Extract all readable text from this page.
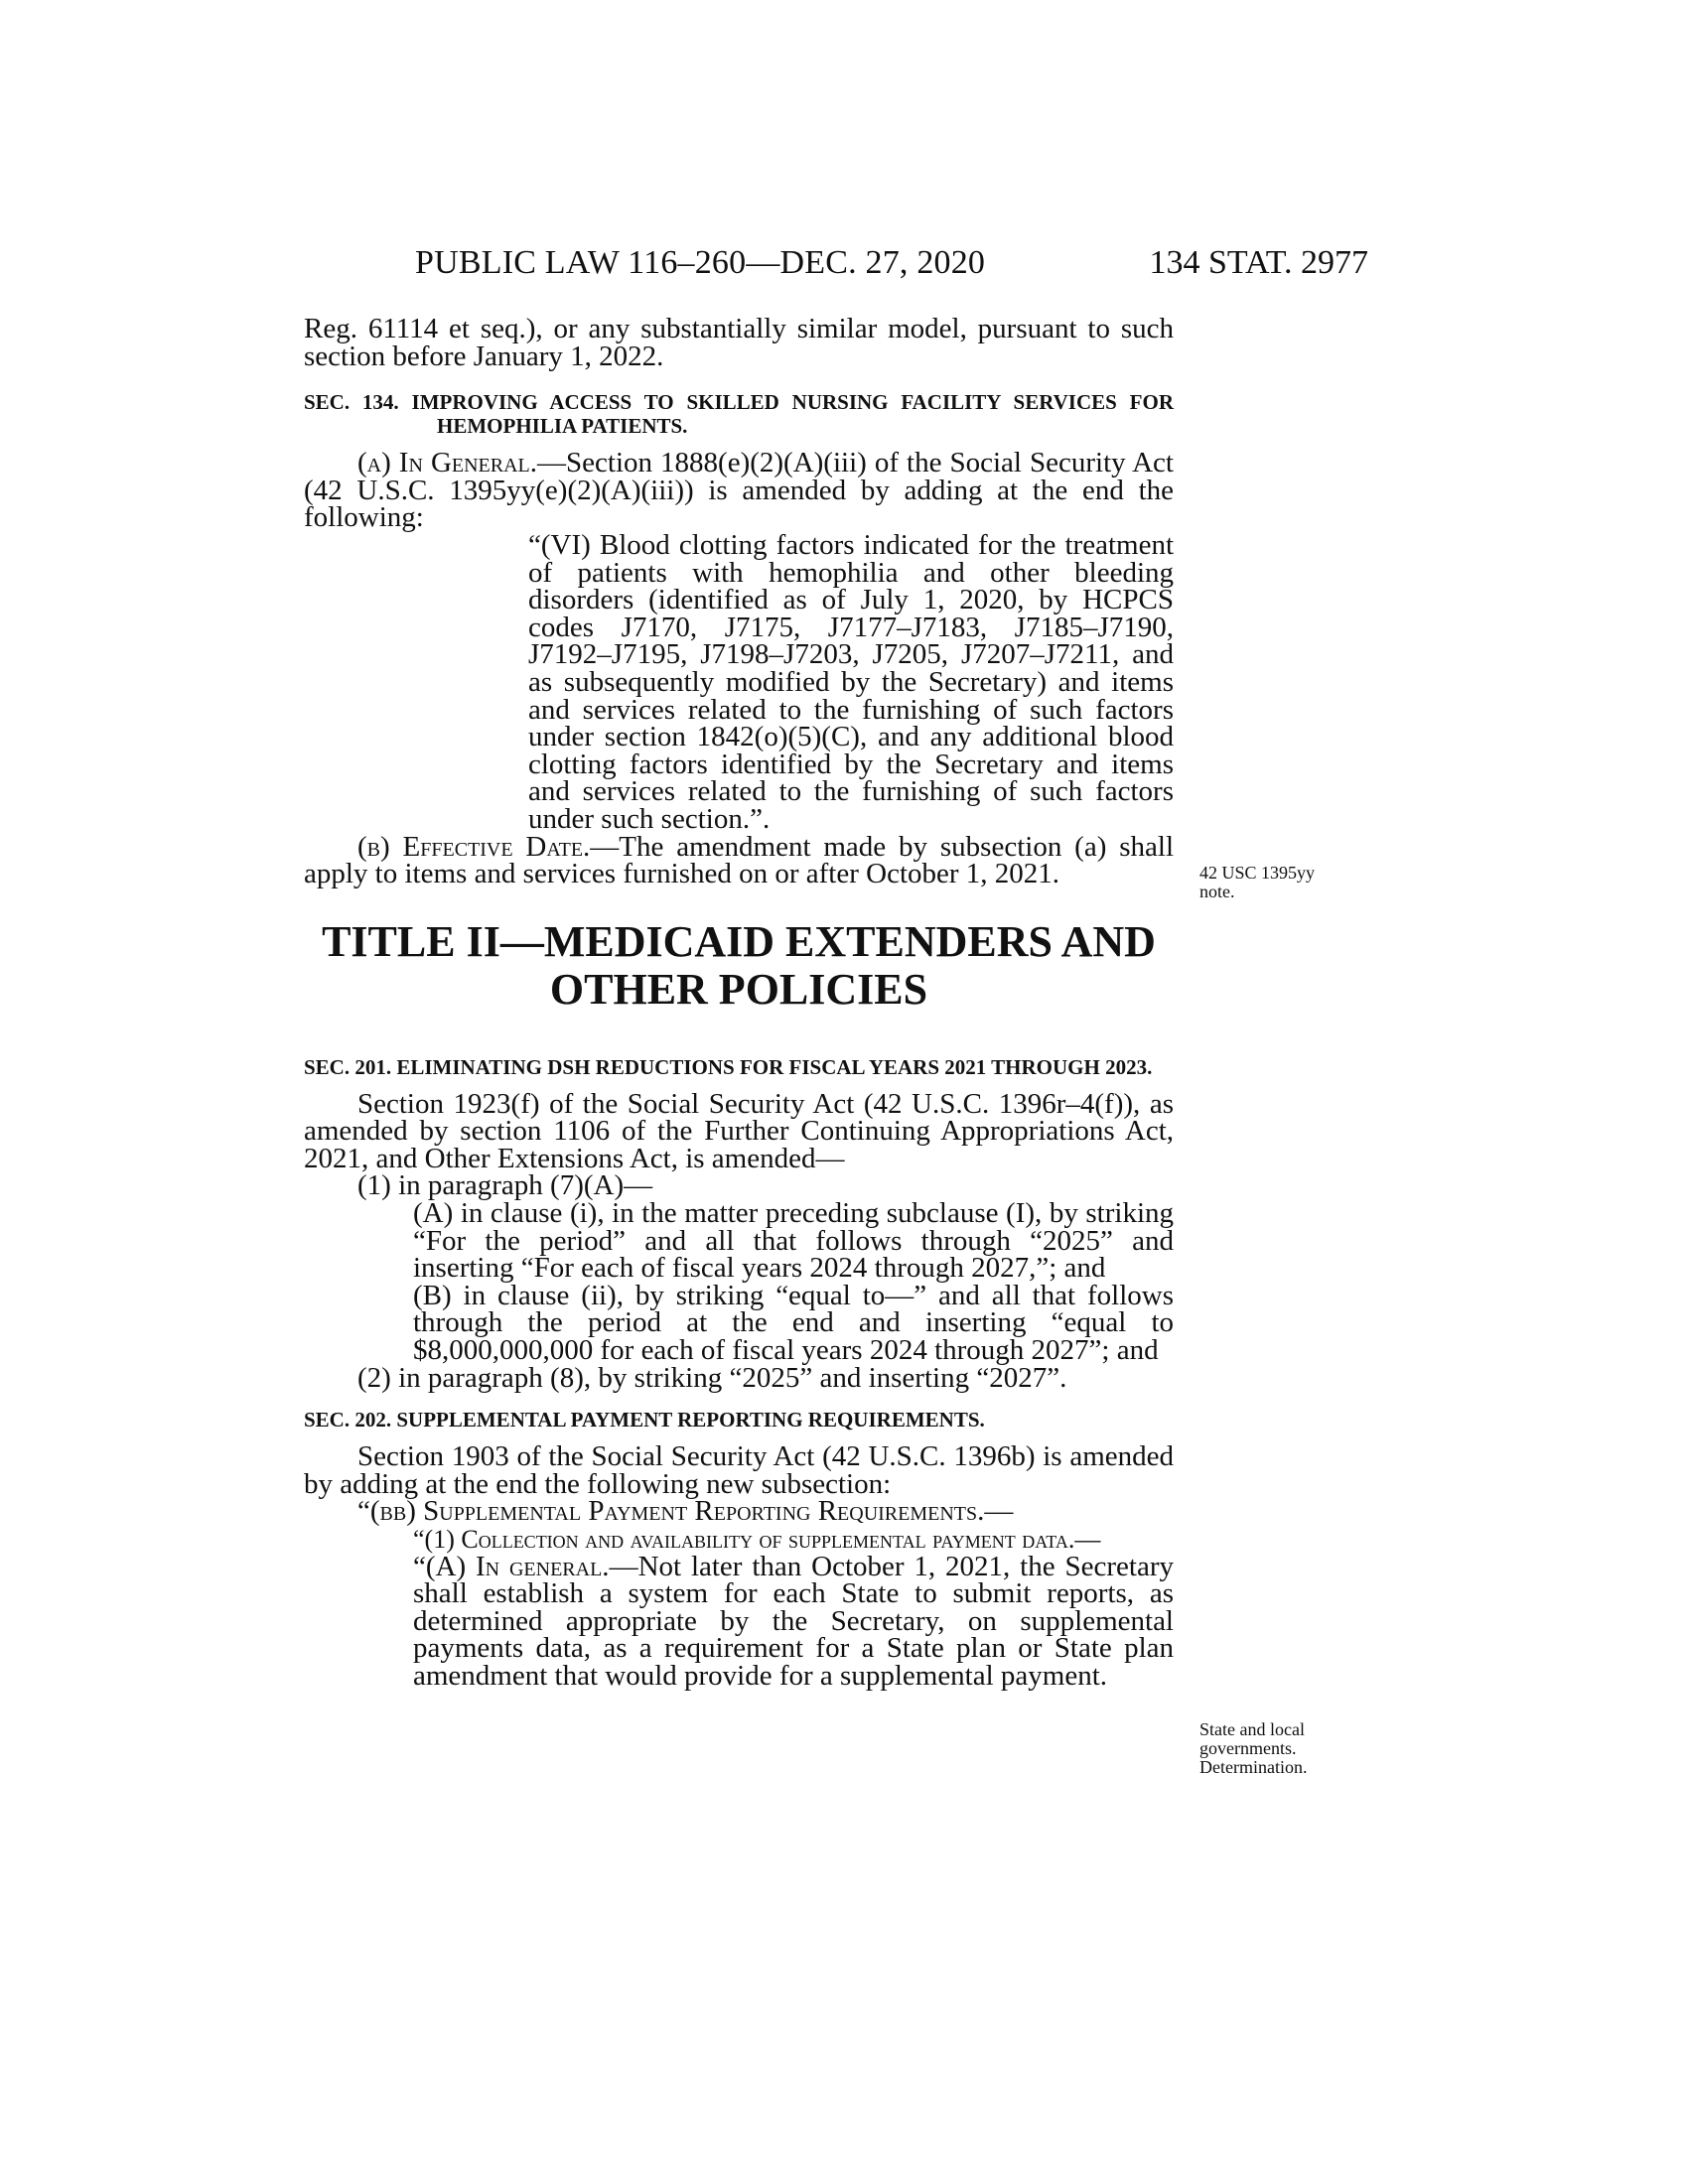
PUBLIC LAW 116–260—DEC. 27, 2020	134 STAT. 2977

Reg. 61114 et seq.), or any substantially similar model, pursuant to such section before January 1, 2022.

SEC. 134. IMPROVING ACCESS TO SKILLED NURSING FACILITY SERVICES FOR HEMOPHILIA PATIENTS.

(a) In General.—Section 1888(e)(2)(A)(iii) of the Social Security Act (42 U.S.C. 1395yy(e)(2)(A)(iii)) is amended by adding at the end the following:

“(VI) Blood clotting factors indicated for the treatment of patients with hemophilia and other bleeding disorders (identified as of July 1, 2020, by HCPCS codes J7170, J7175, J7177–J7183, J7185–J7190, J7192–J7195, J7198–J7203, J7205, J7207–J7211, and as subsequently modified by the Secretary) and items and services related to the furnishing of such factors under section 1842(o)(5)(C), and any additional blood clotting factors identified by the Secretary and items and services related to the furnishing of such factors under such section.”.

(b) Effective Date.—The amendment made by subsection (a) shall apply to items and services furnished on or after October 1, 2021.

TITLE II—MEDICAID EXTENDERS AND

OTHER POLICIES

SEC. 201. ELIMINATING DSH REDUCTIONS FOR FISCAL YEARS 2021 THROUGH 2023.

Section 1923(f) of the Social Security Act (42 U.S.C. 1396r–4(f)), as amended by section 1106 of the Further Continuing Appropriations Act, 2021, and Other Extensions Act, is amended—

(1) in paragraph (7)(A)—

(A) in clause (i), in the matter preceding subclause (I), by striking “For the period” and all that follows through “2025” and inserting “For each of fiscal years 2024 through 2027,”; and

(B) in clause (ii), by striking “equal to—” and all that follows through the period at the end and inserting “equal to $8,000,000,000 for each of fiscal years 2024 through 2027”; and

(2) in paragraph (8), by striking “2025” and inserting “2027”.

SEC. 202. SUPPLEMENTAL PAYMENT REPORTING REQUIREMENTS.

Section 1903 of the Social Security Act (42 U.S.C. 1396b) is amended by adding at the end the following new subsection:

“(bb) Supplemental Payment Reporting Requirements.—

“(1) Collection and availability of supplemental payment data.—

“(A) In general.—Not later than October 1, 2021, the Secretary shall establish a system for each State to submit reports, as determined appropriate by the Secretary, on supplemental payments data, as a requirement for a State plan or State plan amendment that would provide for a supplemental payment.

42 USC 1395yy
note.
State and local
governments.
Determination.
